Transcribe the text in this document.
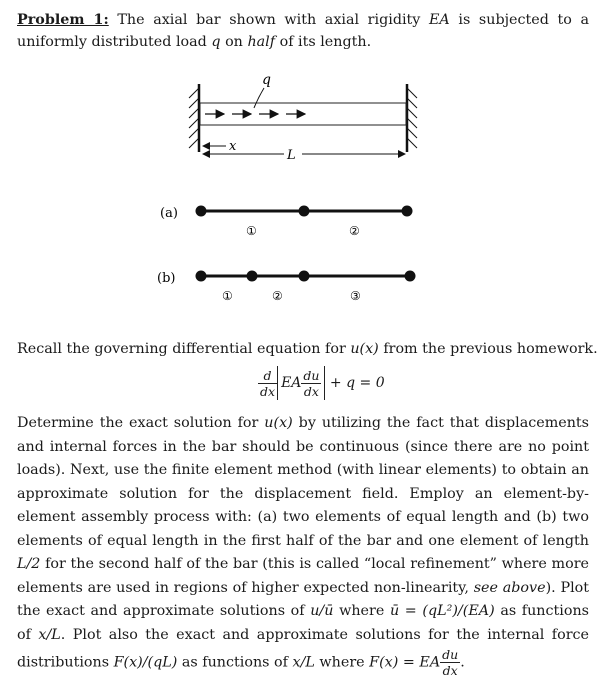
Problem 1: The axial bar shown with axial rigidity EA is subjected to a uniformly distributed load q on half of its length.

q
x
L
(a)
①	②
(b)
①	②	③
Recall the governing differential equation for u(x) from the previous homework.
$\frac{d}{dx}$ EA $\frac{du}{dx} + q = 0$

Determine the exact solution for u(x) by utilizing the fact that displacements and internal forces in the bar should be continuous (since there are no point loads). Next, use the finite element method (with linear elements) to obtain an approximate solution for the displacement field. Employ an element-by-element assembly process with: (a) two elements of equal length and (b) two elements of equal length in the first half of the bar and one element of length L/2 for the second half of the bar (this is called “local refinement” where more elements are used in regions of higher expected non-linearity, see above). Plot the exact and approximate solutions of u/ū where ū = (qL²)/(EA) as functions of x/L. Plot also the exact and approximate solutions for the internal force distributions F(x)/(qL) as functions of x/L where F(x) = EA $\frac{du}{dx}$ .
